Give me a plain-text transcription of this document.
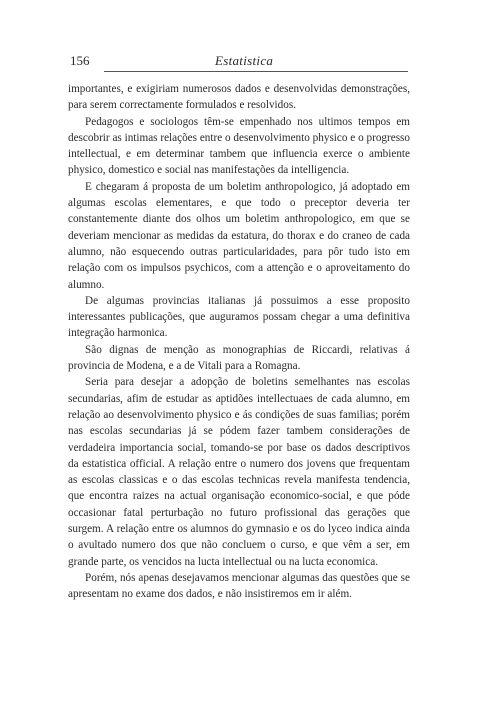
156	Estatistica

importantes, e exigiriam numerosos dados e desenvolvidas demonstrações, para serem correctamente formulados e resolvidos.

Pedagogos e sociologos têm-se empenhado nos ultimos tempos em descobrir as intimas relações entre o desenvolvimento physico e o progresso intellectual, e em determinar tambem que influencia exerce o ambiente physico, domestico e social nas manifestações da intelligencia.

E chegaram á proposta de um boletim anthropologico, já adoptado em algumas escolas elementares, e que todo o preceptor deveria ter constantemente diante dos olhos um boletim anthropologico, em que se deveriam mencionar as medidas da estatura, do thorax e do craneo de cada alumno, não esquecendo outras particularidades, para pôr tudo isto em relação com os impulsos psychicos, com a attenção e o aproveitamento do alumno.

De algumas provincias italianas já possuimos a esse proposito interessantes publicações, que auguramos possam chegar a uma definitiva integração harmonica.

São dignas de menção as monographias de Riccardi, relativas á provincia de Modena, e a de Vitali para a Romagna.

Seria para desejar a adopção de boletins semelhantes nas escolas secundarias, afim de estudar as aptidões intellectuaes de cada alumno, em relação ao desenvolvimento physico e ás condições de suas familias; porém nas escolas secundarias já se pódem fazer tambem considerações de verdadeira importancia social, tomando-se por base os dados descriptivos da estatistica official. A relação entre o numero dos jovens que frequentam as escolas classicas e o das escolas technicas revela manifesta tendencia, que encontra raizes na actual organisação economico-social, e que póde occasionar fatal perturbação no futuro profissional das gerações que surgem. A relação entre os alumnos do gymnasio e os do lyceo indica ainda o avultado numero dos que não concluem o curso, e que vêm a ser, em grande parte, os vencidos na lucta intellectual ou na lucta economica.

Porém, nós apenas desejavamos mencionar algumas das questões que se apresentam no exame dos dados, e não insistiremos em ir além.
